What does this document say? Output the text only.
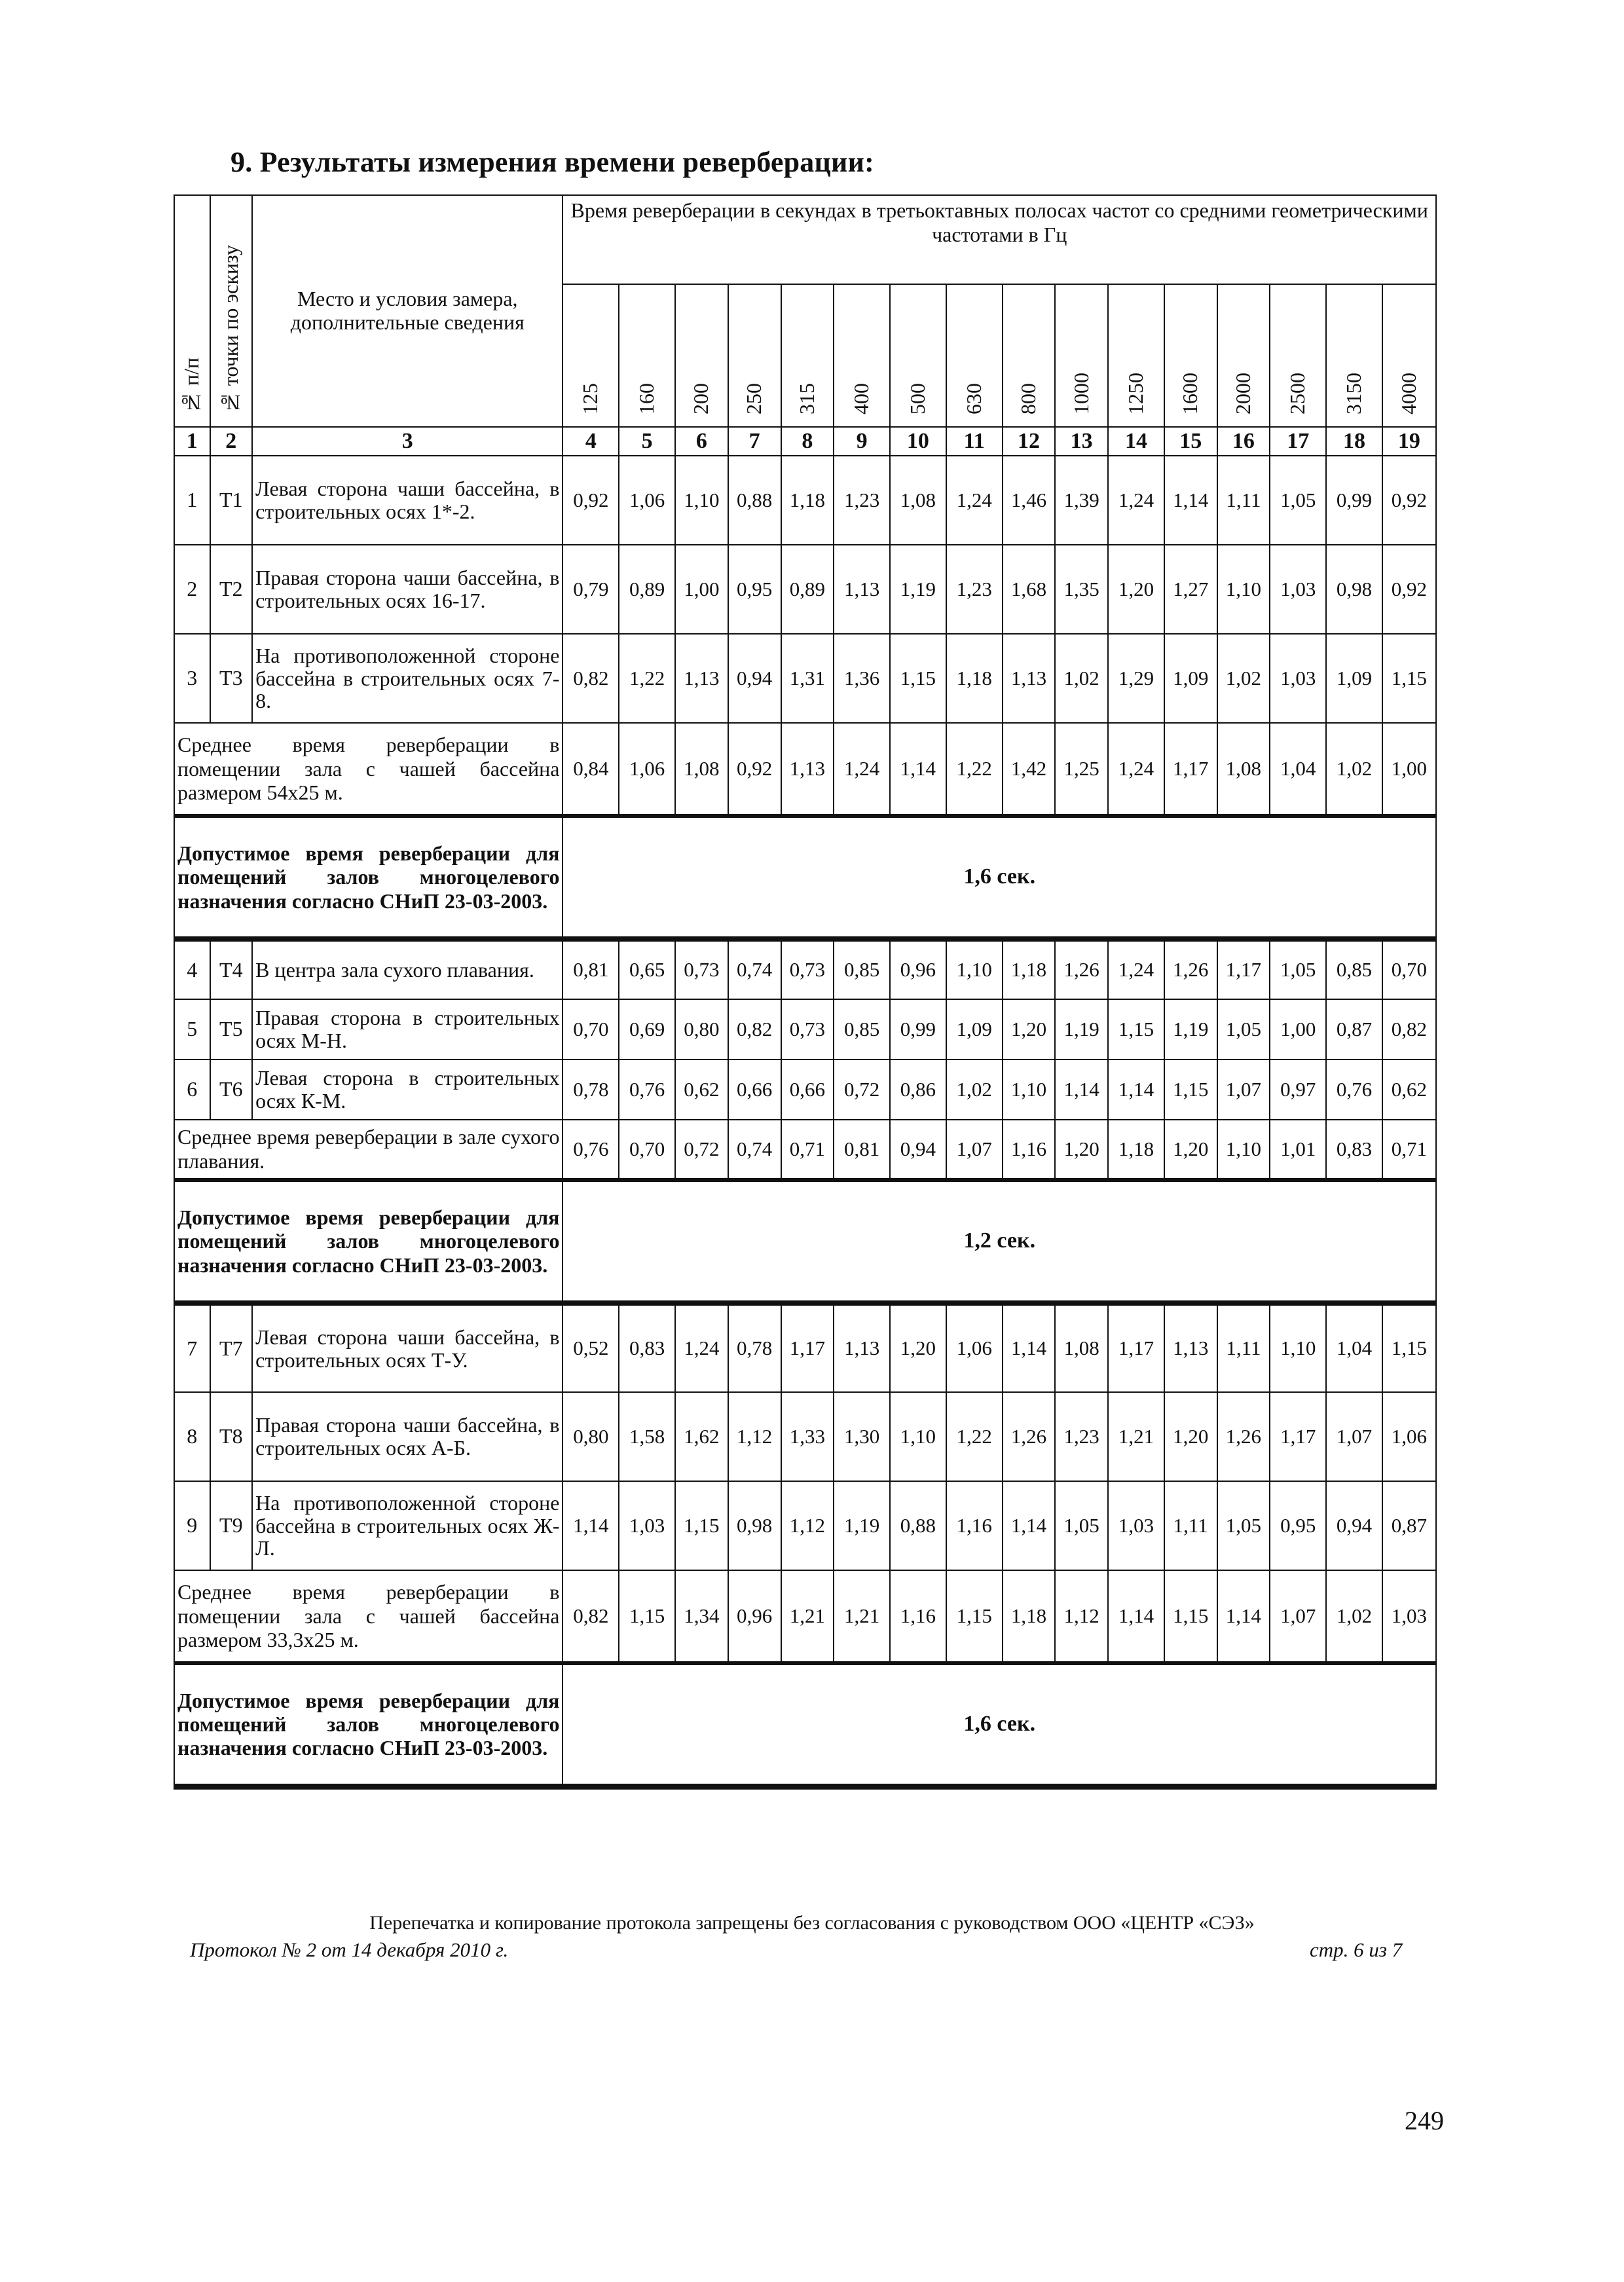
9. Результаты измерения времени реверберации:
№ п/п	№ точки по эскизу	Место и условия замера, дополнительные сведения	Время реверберации в секундах в третьоктавных полосах частот со средними геометрическими частотами в Гц															
			125	160	200	250	315	400	500	630	800	1000	1250	1600	2000	2500	3150	4000
1	2	3	4	5	6	7	8	9	10	11	12	13	14	15	16	17	18	19
1	Т1	Левая сторона чаши бассейна, в строительных осях 1*-2.	0,92	1,06	1,10	0,88	1,18	1,23	1,08	1,24	1,46	1,39	1,24	1,14	1,11	1,05	0,99	0,92
2	Т2	Правая сторона чаши бассейна, в строительных осях 16-17.	0,79	0,89	1,00	0,95	0,89	1,13	1,19	1,23	1,68	1,35	1,20	1,27	1,10	1,03	0,98	0,92
3	Т3	На противоположенной стороне бассейна в строительных осях 7-8.	0,82	1,22	1,13	0,94	1,31	1,36	1,15	1,18	1,13	1,02	1,29	1,09	1,02	1,03	1,09	1,15
Среднее время реверберации в помещении зала с чашей бассейна размером 54х25 м.			0,84	1,06	1,08	0,92	1,13	1,24	1,14	1,22	1,42	1,25	1,24	1,17	1,08	1,04	1,02	1,00
Допустимое время реверберации для помещений залов многоцелевого назначения согласно СНиП 23-03-2003.			1,6 сек.															
4	Т4	В центра зала сухого плавания.	0,81	0,65	0,73	0,74	0,73	0,85	0,96	1,10	1,18	1,26	1,24	1,26	1,17	1,05	0,85	0,70
5	Т5	Правая сторона в строительных осях М-Н.	0,70	0,69	0,80	0,82	0,73	0,85	0,99	1,09	1,20	1,19	1,15	1,19	1,05	1,00	0,87	0,82
6	Т6	Левая сторона в строительных осях К-М.	0,78	0,76	0,62	0,66	0,66	0,72	0,86	1,02	1,10	1,14	1,14	1,15	1,07	0,97	0,76	0,62
Среднее время реверберации в зале сухого плавания.			0,76	0,70	0,72	0,74	0,71	0,81	0,94	1,07	1,16	1,20	1,18	1,20	1,10	1,01	0,83	0,71
Допустимое время реверберации для помещений залов многоцелевого назначения согласно СНиП 23-03-2003.			1,2 сек.															
7	Т7	Левая сторона чаши бассейна, в строительных осях Т-У.	0,52	0,83	1,24	0,78	1,17	1,13	1,20	1,06	1,14	1,08	1,17	1,13	1,11	1,10	1,04	1,15
8	Т8	Правая сторона чаши бассейна, в строительных осях А-Б.	0,80	1,58	1,62	1,12	1,33	1,30	1,10	1,22	1,26	1,23	1,21	1,20	1,26	1,17	1,07	1,06
9	Т9	На противоположенной стороне бассейна в строительных осях Ж-Л.	1,14	1,03	1,15	0,98	1,12	1,19	0,88	1,16	1,14	1,05	1,03	1,11	1,05	0,95	0,94	0,87
Среднее время реверберации в помещении зала с чашей бассейна размером 33,3х25 м.			0,82	1,15	1,34	0,96	1,21	1,21	1,16	1,15	1,18	1,12	1,14	1,15	1,14	1,07	1,02	1,03
Допустимое время реверберации для помещений залов многоцелевого назначения согласно СНиП 23-03-2003.			1,6 сек.															
Перепечатка и копирование протокола запрещены без согласования с руководством ООО «ЦЕНТР «СЭЗ»
Протокол № 2 от 14 декабря 2010 г.	стр. 6 из 7
249
